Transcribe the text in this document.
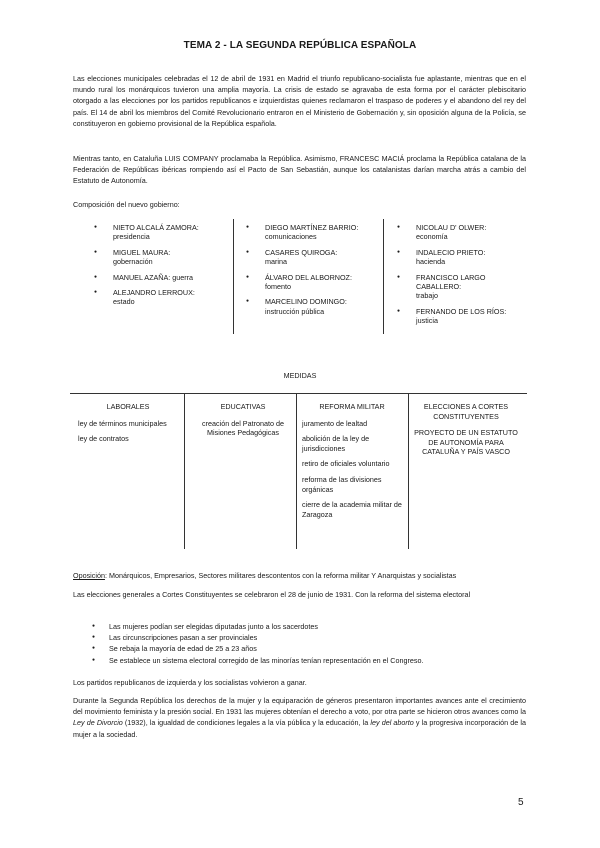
TEMA 2 - LA SEGUNDA REPÚBLICA ESPAÑOLA

Las elecciones municipales celebradas el 12 de abril de 1931 en Madrid el triunfo republicano-socialista fue aplastante, mientras que en el mundo rural los monárquicos tuvieron una amplia mayoría. La crisis de estado se agravaba de esta forma por el carácter plebiscitario otorgado a las elecciones por los partidos republicanos e izquierdistas quienes reclamaron el traspaso de poderes y el abandono del rey del país. El 14 de abril los miembros del Comité Revolucionario entraron en el Ministerio de Gobernación y, sin oposición alguna de la Policía, se constituyeron en gobierno provisional de la República española.

Mientras tanto, en Cataluña LUIS COMPANY proclamaba la República. Asimismo, FRANCESC MACIÁ proclama la República catalana de la Federación de Repúblicas ibéricas rompiendo así el Pacto de San Sebastián, aunque los catalanistas darían marcha atrás a cambio del Estatuto de Autonomía.

Composición del nuevo gobierno:

● NIETO ALCALÁ ZAMORA:
presidencia
● MIGUEL MAURA:
gobernación
● MANUEL AZAÑA: guerra
● ALEJANDRO LERROUX:
estado
● DIEGO MARTÍNEZ BARRIO:
comunicaciones
● CASARES QUIROGA:
marina
● ÁLVARO DEL ALBORNOZ:
fomento
● MARCELINO DOMINGO:
instrucción pública
● NICOLAU D' OLWER:
economía
● INDALECIO PRIETO:
hacienda
● FRANCISCO LARGO CABALLERO:
trabajo
● FERNANDO DE LOS RÍOS:
justicia
MEDIDAS
LABORALES
ley de términos municipales
ley de contratos
EDUCATIVAS
creación del Patronato de Misiones Pedagógicas
REFORMA MILITAR
juramento de lealtad
abolición de la ley de jurisdicciones
retiro de oficiales voluntario
reforma de las divisiones orgánicas
cierre de la academia militar de Zaragoza
ELECCIONES A CORTES CONSTITUYENTES
PROYECTO DE UN ESTATUTO DE AUTONOMÍA PARA CATALUÑA Y PAÍS VASCO
Oposición: Monárquicos, Empresarios, Sectores militares descontentos con la reforma militar Y Anarquistas y socialistas

Las elecciones generales a Cortes Constituyentes se celebraron el 28 de junio de 1931. Con la reforma del sistema electoral

● Las mujeres podían ser elegidas diputadas junto a los sacerdotes
● Las circunscripciones pasan a ser provinciales
● Se rebaja la mayoría de edad de 25 a 23 años
● Se establece un sistema electoral corregido de las minorías tenían representación en el Congreso.

Los partidos republicanos de izquierda y los socialistas volvieron a ganar.

Durante la Segunda República los derechos de la mujer y la equiparación de géneros presentaron importantes avances ante el crecimiento del movimiento feminista y la presión social. En 1931 las mujeres obtenían el derecho a voto, por otra parte se hicieron otros avances como la Ley de Divorcio (1932), la igualdad de condiciones legales a la vía pública y la educación, la ley del aborto y la progresiva incorporación de la mujer a la sociedad.

5
